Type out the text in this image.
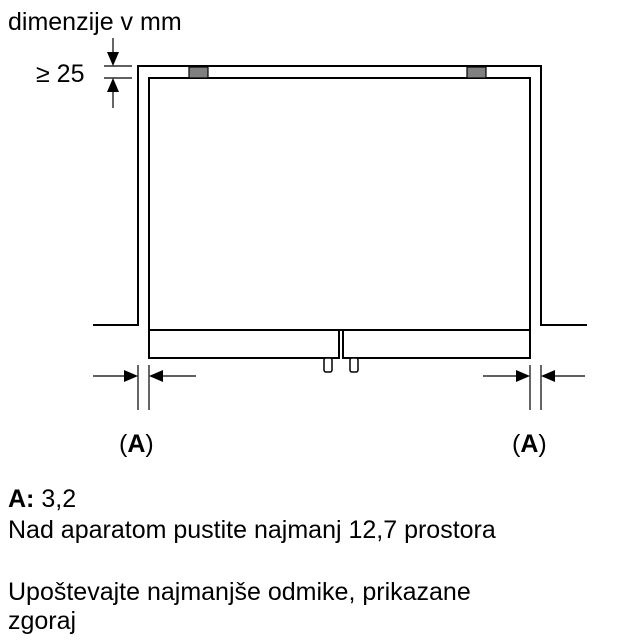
dimenzije v mm

≥ 25

(A)	(A)

A: 3,2

Nad aparatom pustite najmanj 12,7 prostora

Upoštevajte najmanjše odmike, prikazane
zgoraj
